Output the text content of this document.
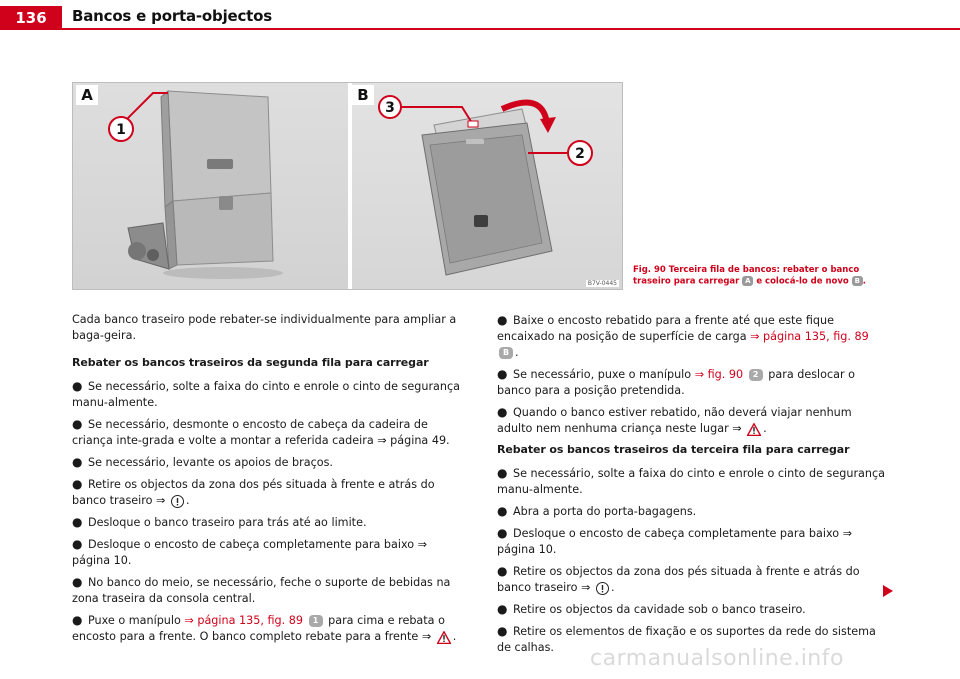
136	Bancos e porta-objectos
1
A
3
2
B
B7V-0445
Fig. 90 Terceira fila de bancos: rebater o banco traseiro para carregar A e colocá-lo de novo B .
Cada banco traseiro pode rebater-se individualmente para ampliar a baga-geira.
Rebater os bancos traseiros da segunda fila para carregar
● Se necessário, solte a faixa do cinto e enrole o cinto de segurança manu-almente.
● Se necessário, desmonte o encosto de cabeça da cadeira de criança inte-grada e volte a montar a referida cadeira ⇒ página 49.
● Se necessário, levante os apoios de braços.
● Retire os objectos da zona dos pés situada à frente e atrás do banco traseiro ⇒ .
● Desloque o banco traseiro para trás até ao limite.
● Desloque o encosto de cabeça completamente para baixo ⇒ página 10.
● No banco do meio, se necessário, feche o suporte de bebidas na zona traseira da consola central.
● Puxe o manípulo ⇒ página 135, fig. 89 1 para cima e rebata o encosto para a frente. O banco completo rebate para a frente ⇒ .
● Baixe o encosto rebatido para a frente até que este fique encaixado na posição de superfície de carga ⇒ página 135, fig. 89 B .
● Se necessário, puxe o manípulo ⇒ fig. 90 2 para deslocar o banco para a posição pretendida.
● Quando o banco estiver rebatido, não deverá viajar nenhum adulto nem nenhuma criança neste lugar ⇒ .
Rebater os bancos traseiros da terceira fila para carregar
● Se necessário, solte a faixa do cinto e enrole o cinto de segurança manu-almente.
● Abra a porta do porta-bagagens.
● Desloque o encosto de cabeça completamente para baixo ⇒ página 10.
● Retire os objectos da zona dos pés situada à frente e atrás do banco traseiro ⇒ .
● Retire os objectos da cavidade sob o banco traseiro.
● Retire os elementos de fixação e os suportes da rede do sistema de calhas.	carmanualsonline.info
